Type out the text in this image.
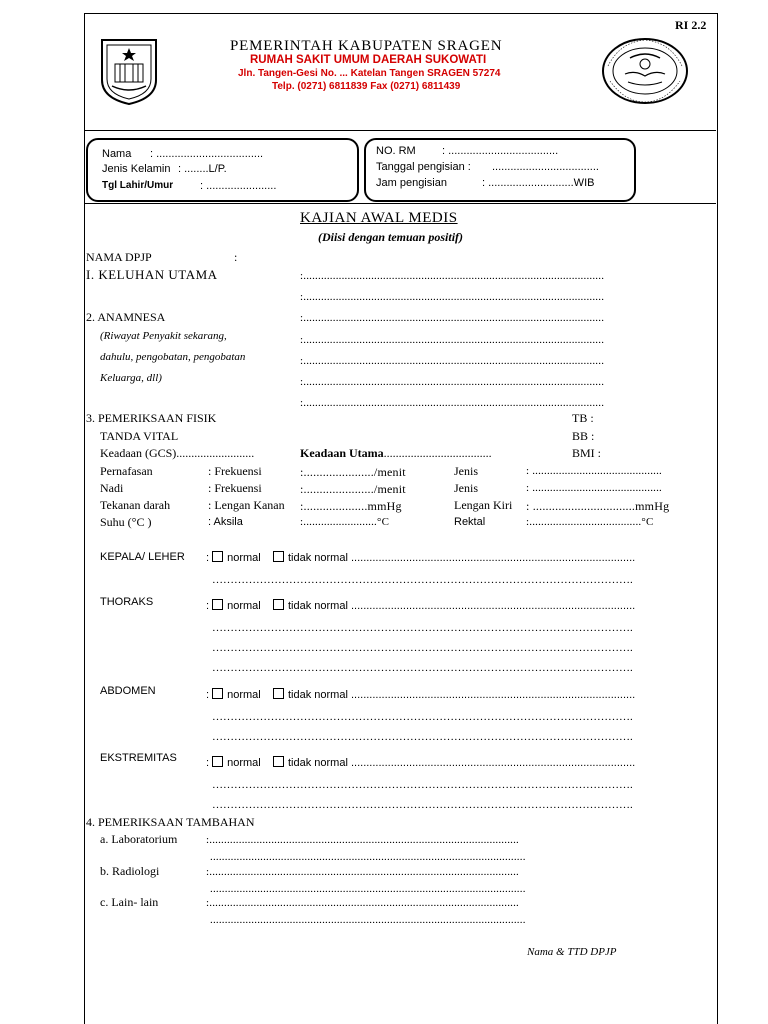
RI 2.2
PEMERINTAH KABUPATEN SRAGEN
RUMAH SAKIT UMUM DAERAH SUKOWATI
Jln. Tangen-Gesi No. ... Katelan Tangen SRAGEN 57274
Telp. (0271) 6811839 Fax (0271) 6811439
Nama : ...................................
Jenis Kelamin : ........L/P.
Tgl Lahir/Umur : .......................
NO. RM : ....................................
Tanggal pengisian : ...................................
Jam pengisian	: ............................WIB
KAJIAN AWAL MEDIS
(Diisi dengan temuan positif)
NAMA DPJP	:
I. KELUHAN UTAMA	:......................................................................................................
:......................................................................................................
2. ANAMNESA
(Riwayat Penyakit sekarang,
dahulu, pengobatan, pengobatan
Keluarga, dll)
:......................................................................................................
:......................................................................................................
:......................................................................................................
:......................................................................................................
:......................................................................................................
3. PEMERIKSAAN FISIK
TANDA VITAL
Keadaan (GCS)..........................	Keadaan Utama....................................
TB :
BB :
BMI :
Pernafasan	: Frekuensi	:....................../menit	Jenis	: ............................................
Nadi	: Frekuensi	:....................../menit	Jenis	: ............................................
Tekanan darah	: Lengan Kanan :....................mmHg	Lengan Kiri : ................................mmHg
Suhu (°C )	: Aksila	:.........................°C	Rektal	:......................................°C
KEPALA/ LEHER : normal tidak normal .............................................................................................
…………………………………………………………………………………………………….
THORAKS	: normal tidak normal .............................................................................................
…………………………………………………………………………………………………….
…………………………………………………………………………………………………….
…………………………………………………………………………………………………….
ABDOMEN	: normal tidak normal .............................................................................................
…………………………………………………………………………………………………….
…………………………………………………………………………………………………….
EKSTREMITAS	: normal tidak normal .............................................................................................
…………………………………………………………………………………………………….
…………………………………………………………………………………………………….
4. PEMERIKSAAN TAMBAHAN
a. Laboratorium	:.........................................................................................................
...........................................................................................................
b. Radiologi	:.........................................................................................................
...........................................................................................................
c. Lain- lain	:.........................................................................................................
...........................................................................................................
Nama & TTD DPJP
